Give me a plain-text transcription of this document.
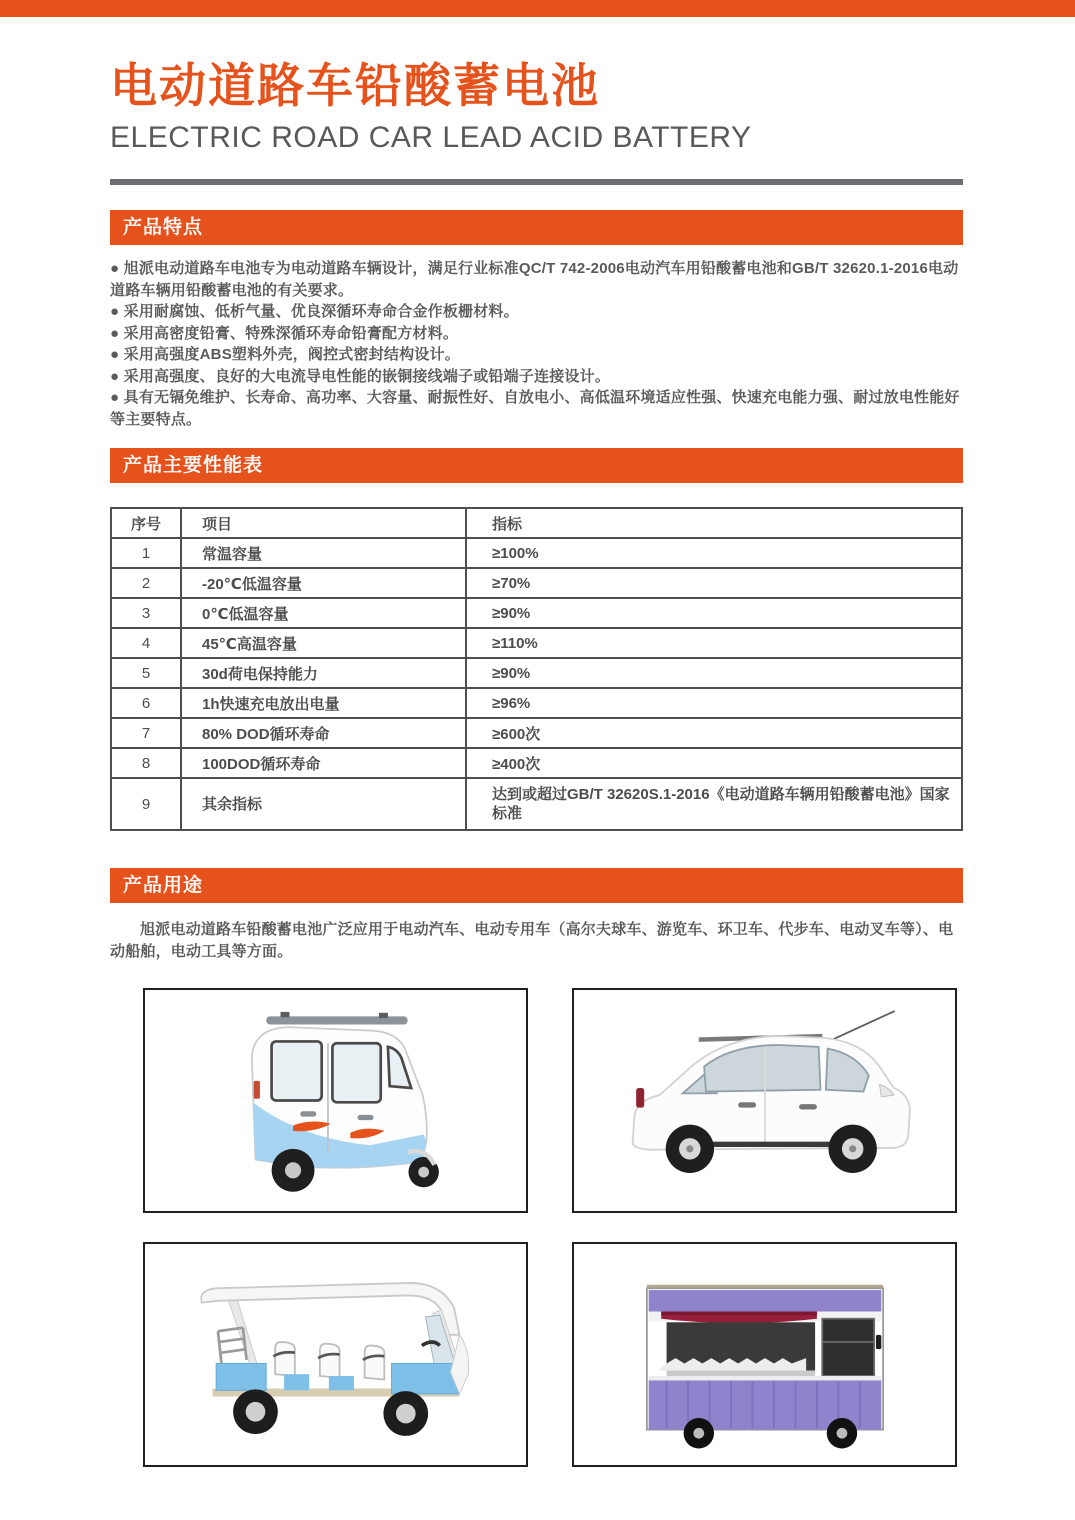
电动道路车铅酸蓄电池
ELECTRIC ROAD CAR LEAD ACID BATTERY
产品特点
● 旭派电动道路车电池专为电动道路车辆设计，满足行业标准QC/T 742-2006电动汽车用铅酸蓄电池和GB/T 32620.1-2016电动道路车辆用铅酸蓄电池的有关要求。
● 采用耐腐蚀、低析气量、优良深循环寿命合金作板栅材料。
● 采用高密度铅膏、特殊深循环寿命铅膏配方材料。
● 采用高强度ABS塑料外壳，阀控式密封结构设计。
● 采用高强度、良好的大电流导电性能的嵌铜接线端子或铅端子连接设计。
● 具有无镉免维护、长寿命、高功率、大容量、耐振性好、自放电小、高低温环境适应性强、快速充电能力强、耐过放电性能好等主要特点。
产品主要性能表
序号	项目	指标
1	常温容量	≥100%
2	-20℃低温容量	≥70%
3	0℃低温容量	≥90%
4	45℃高温容量	≥110%
5	30d荷电保持能力	≥90%
6	1h快速充电放出电量	≥96%
7	80% DOD循环寿命	≥600次
8	100DOD循环寿命	≥400次
9	其余指标	达到或超过GB/T 32620S.1-2016《电动道路车辆用铅酸蓄电池》国家标准
产品用途
旭派电动道路车铅酸蓄电池广泛应用于电动汽车、电动专用车（高尔夫球车、游览车、环卫车、代步车、电动叉车等）、电动船舶，电动工具等方面。
